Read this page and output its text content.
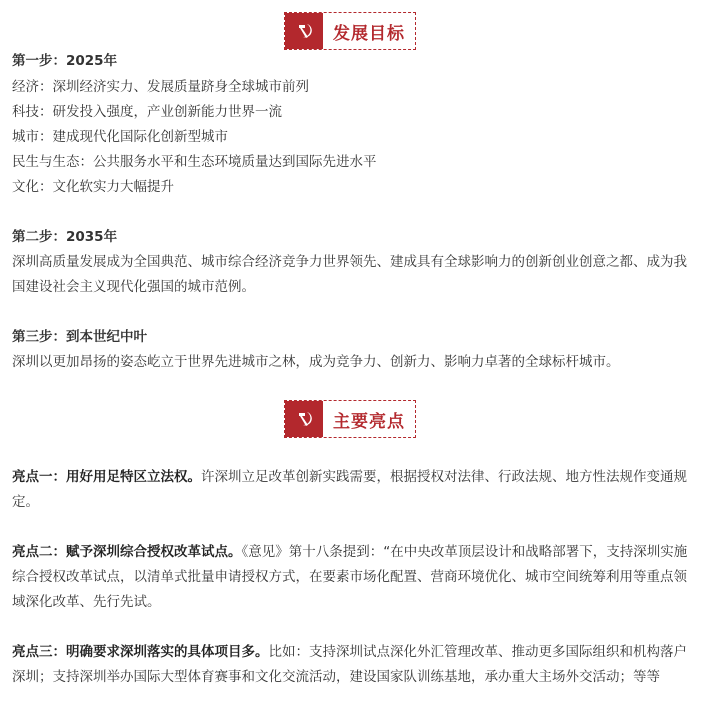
发展目标
第一步：2025年
经济：深圳经济实力、发展质量跻身全球城市前列
科技：研发投入强度，产业创新能力世界一流
城市：建成现代化国际化创新型城市
民生与生态：公共服务水平和生态环境质量达到国际先进水平
文化：文化软实力大幅提升
第二步：2035年
深圳高质量发展成为全国典范、城市综合经济竞争力世界领先、建成具有全球影响力的创新创业创意之都、成为我国建设社会主义现代化强国的城市范例。
第三步：到本世纪中叶
深圳以更加昂扬的姿态屹立于世界先进城市之林，成为竞争力、创新力、影响力卓著的全球标杆城市。
主要亮点
亮点一：用好用足特区立法权。许深圳立足改革创新实践需要，根据授权对法律、行政法规、地方性法规作变通规定。
亮点二：赋予深圳综合授权改革试点。《意见》第十八条提到：“在中央改革顶层设计和战略部署下，支持深圳实施综合授权改革试点，以清单式批量申请授权方式，在要素市场化配置、营商环境优化、城市空间统筹利用等重点领域深化改革、先行先试。
亮点三：明确要求深圳落实的具体项目多。比如：支持深圳试点深化外汇管理改革、推动更多国际组织和机构落户深圳；支持深圳举办国际大型体育赛事和文化交流活动，建设国家队训练基地，承办重大主场外交活动；等等
